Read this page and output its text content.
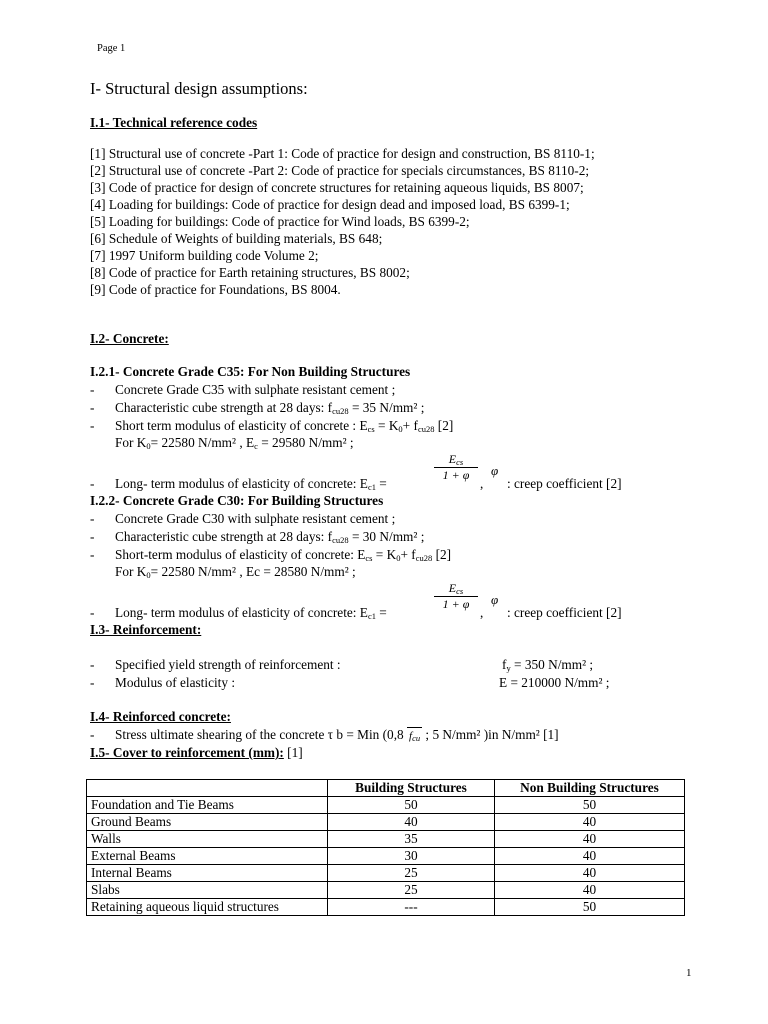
Page 1
I- Structural design assumptions:
I.1- Technical reference codes
[1] Structural use of concrete -Part 1: Code of practice for design and construction, BS 8110-1;
[2] Structural use of concrete -Part 2: Code of practice for specials circumstances, BS 8110-2;
[3] Code of practice for design of concrete structures for retaining aqueous liquids, BS 8007;
[4] Loading for buildings: Code of practice for design dead and imposed load, BS 6399-1;
[5] Loading for buildings: Code of practice for Wind loads, BS 6399-2;
[6] Schedule of Weights of building materials, BS 648;
[7] 1997 Uniform building code Volume 2;
[8] Code of practice for Earth retaining structures, BS 8002;
[9] Code of practice for Foundations, BS 8004.
I.2- Concrete:
I.2.1- Concrete Grade C35: For Non Building Structures
- Concrete Grade C35 with sulphate resistant cement ;
- Characteristic cube strength at 28 days: $f_{cu28} = 35$ N/mm² ;
- Short term modulus of elasticity of concrete : $E_{cs} = K_0+ f_{cu28}$ [2]
For $K_0= 22580$ N/mm² , $E_c = 29580$ N/mm² ;
$E_{cs}$
1 + φ	φ
- Long- term modulus of elasticity of concrete: $E_{c1}$ =	, : creep coefficient [2]
I.2.2- Concrete Grade C30: For Building Structures
- Concrete Grade C30 with sulphate resistant cement ;
- Characteristic cube strength at 28 days: $f_{cu28} = 30$ N/mm² ;
- Short-term modulus of elasticity of concrete: $E_{cs} = K_0+ f_{cu28}$ [2]
For $K_0= 22580$ N/mm² , Ec = 28580 N/mm² ;
$E_{cs}$
1 + φ	φ
- Long- term modulus of elasticity of concrete: $E_{c1}$ =	, : creep coefficient [2]
I.3- Reinforcement:
- Specified yield strength of reinforcement :	$f_y = 350$ N/mm² ;
- Modulus of elasticity :	E = 210000 N/mm² ;
I.4- Reinforced concrete:
- Stress ultimate shearing of the concrete τ b = Min (0,8 $f_{cu}$ ; 5 N/mm² )in N/mm² [1]
I.5- Cover to reinforcement (mm): [1]
	Building Structures	Non Building Structures
Foundation and Tie Beams	50	50
Ground Beams	40	40
Walls	35	40
External Beams	30	40
Internal Beams	25	40
Slabs	25	40
Retaining aqueous liquid structures	---	50
1
